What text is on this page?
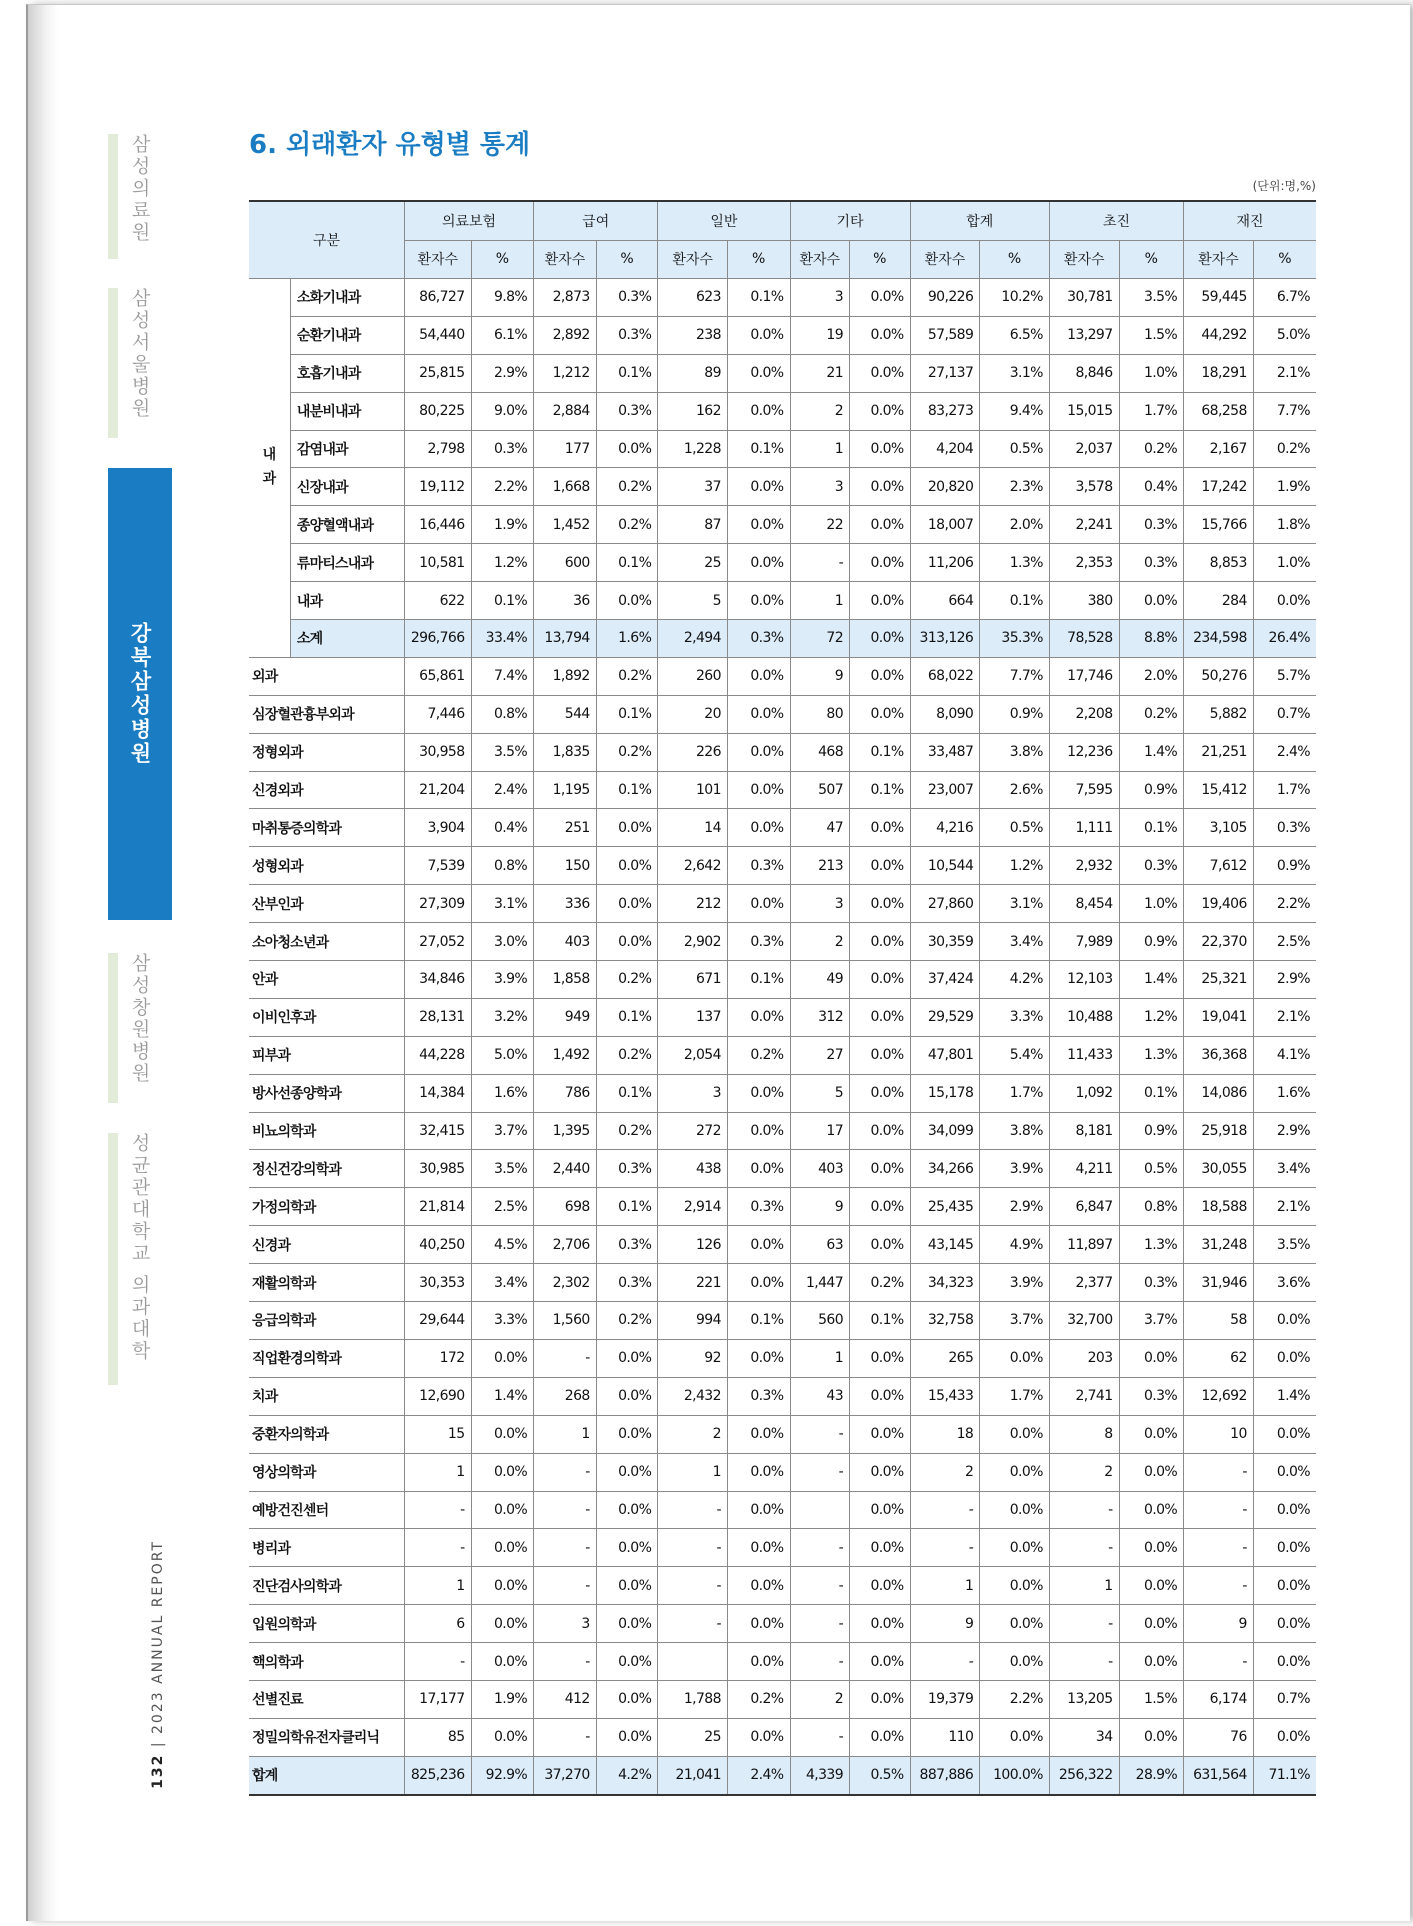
삼성의료원
삼성서울병원
강북삼성병원
삼성창원병원
성균관대학교 의과대학
132 | 2023 ANNUAL REPORT
6. 외래환자 유형별 통계
(단위:명,%)
구분		의료보험		급여		일반		기타		합계		초진		재진	
		환자수	%	환자수	%	환자수	%	환자수	%	환자수	%	환자수	%	환자수	%
내과	소화기내과	86,727	9.8%	2,873	0.3%	623	0.1%	3	0.0%	90,226	10.2%	30,781	3.5%	59,445	6.7%
	순환기내과	54,440	6.1%	2,892	0.3%	238	0.0%	19	0.0%	57,589	6.5%	13,297	1.5%	44,292	5.0%
	호흡기내과	25,815	2.9%	1,212	0.1%	89	0.0%	21	0.0%	27,137	3.1%	8,846	1.0%	18,291	2.1%
	내분비내과	80,225	9.0%	2,884	0.3%	162	0.0%	2	0.0%	83,273	9.4%	15,015	1.7%	68,258	7.7%
	감염내과	2,798	0.3%	177	0.0%	1,228	0.1%	1	0.0%	4,204	0.5%	2,037	0.2%	2,167	0.2%
	신장내과	19,112	2.2%	1,668	0.2%	37	0.0%	3	0.0%	20,820	2.3%	3,578	0.4%	17,242	1.9%
	종양혈액내과	16,446	1.9%	1,452	0.2%	87	0.0%	22	0.0%	18,007	2.0%	2,241	0.3%	15,766	1.8%
	류마티스내과	10,581	1.2%	600	0.1%	25	0.0%	-	0.0%	11,206	1.3%	2,353	0.3%	8,853	1.0%
	내과	622	0.1%	36	0.0%	5	0.0%	1	0.0%	664	0.1%	380	0.0%	284	0.0%
	소계	296,766	33.4%	13,794	1.6%	2,494	0.3%	72	0.0%	313,126	35.3%	78,528	8.8%	234,598	26.4%
외과		65,861	7.4%	1,892	0.2%	260	0.0%	9	0.0%	68,022	7.7%	17,746	2.0%	50,276	5.7%
심장혈관흉부외과		7,446	0.8%	544	0.1%	20	0.0%	80	0.0%	8,090	0.9%	2,208	0.2%	5,882	0.7%
정형외과		30,958	3.5%	1,835	0.2%	226	0.0%	468	0.1%	33,487	3.8%	12,236	1.4%	21,251	2.4%
신경외과		21,204	2.4%	1,195	0.1%	101	0.0%	507	0.1%	23,007	2.6%	7,595	0.9%	15,412	1.7%
마취통증의학과		3,904	0.4%	251	0.0%	14	0.0%	47	0.0%	4,216	0.5%	1,111	0.1%	3,105	0.3%
성형외과		7,539	0.8%	150	0.0%	2,642	0.3%	213	0.0%	10,544	1.2%	2,932	0.3%	7,612	0.9%
산부인과		27,309	3.1%	336	0.0%	212	0.0%	3	0.0%	27,860	3.1%	8,454	1.0%	19,406	2.2%
소아청소년과		27,052	3.0%	403	0.0%	2,902	0.3%	2	0.0%	30,359	3.4%	7,989	0.9%	22,370	2.5%
안과		34,846	3.9%	1,858	0.2%	671	0.1%	49	0.0%	37,424	4.2%	12,103	1.4%	25,321	2.9%
이비인후과		28,131	3.2%	949	0.1%	137	0.0%	312	0.0%	29,529	3.3%	10,488	1.2%	19,041	2.1%
피부과		44,228	5.0%	1,492	0.2%	2,054	0.2%	27	0.0%	47,801	5.4%	11,433	1.3%	36,368	4.1%
방사선종양학과		14,384	1.6%	786	0.1%	3	0.0%	5	0.0%	15,178	1.7%	1,092	0.1%	14,086	1.6%
비뇨의학과		32,415	3.7%	1,395	0.2%	272	0.0%	17	0.0%	34,099	3.8%	8,181	0.9%	25,918	2.9%
정신건강의학과		30,985	3.5%	2,440	0.3%	438	0.0%	403	0.0%	34,266	3.9%	4,211	0.5%	30,055	3.4%
가정의학과		21,814	2.5%	698	0.1%	2,914	0.3%	9	0.0%	25,435	2.9%	6,847	0.8%	18,588	2.1%
신경과		40,250	4.5%	2,706	0.3%	126	0.0%	63	0.0%	43,145	4.9%	11,897	1.3%	31,248	3.5%
재활의학과		30,353	3.4%	2,302	0.3%	221	0.0%	1,447	0.2%	34,323	3.9%	2,377	0.3%	31,946	3.6%
응급의학과		29,644	3.3%	1,560	0.2%	994	0.1%	560	0.1%	32,758	3.7%	32,700	3.7%	58	0.0%
직업환경의학과		172	0.0%	-	0.0%	92	0.0%	1	0.0%	265	0.0%	203	0.0%	62	0.0%
치과		12,690	1.4%	268	0.0%	2,432	0.3%	43	0.0%	15,433	1.7%	2,741	0.3%	12,692	1.4%
중환자의학과		15	0.0%	1	0.0%	2	0.0%	-	0.0%	18	0.0%	8	0.0%	10	0.0%
영상의학과		1	0.0%	-	0.0%	1	0.0%	-	0.0%	2	0.0%	2	0.0%	-	0.0%
예방건진센터		-	0.0%	-	0.0%	-	0.0%		0.0%	-	0.0%	-	0.0%	-	0.0%
병리과		-	0.0%	-	0.0%	-	0.0%	-	0.0%	-	0.0%	-	0.0%	-	0.0%
진단검사의학과		1	0.0%	-	0.0%	-	0.0%	-	0.0%	1	0.0%	1	0.0%	-	0.0%
입원의학과		6	0.0%	3	0.0%	-	0.0%	-	0.0%	9	0.0%	-	0.0%	9	0.0%
핵의학과		-	0.0%	-	0.0%		0.0%	-	0.0%	-	0.0%	-	0.0%	-	0.0%
선별진료		17,177	1.9%	412	0.0%	1,788	0.2%	2	0.0%	19,379	2.2%	13,205	1.5%	6,174	0.7%
정밀의학유전자클리닉		85	0.0%	-	0.0%	25	0.0%	-	0.0%	110	0.0%	34	0.0%	76	0.0%
합계		825,236	92.9%	37,270	4.2%	21,041	2.4%	4,339	0.5%	887,886	100.0%	256,322	28.9%	631,564	71.1%
